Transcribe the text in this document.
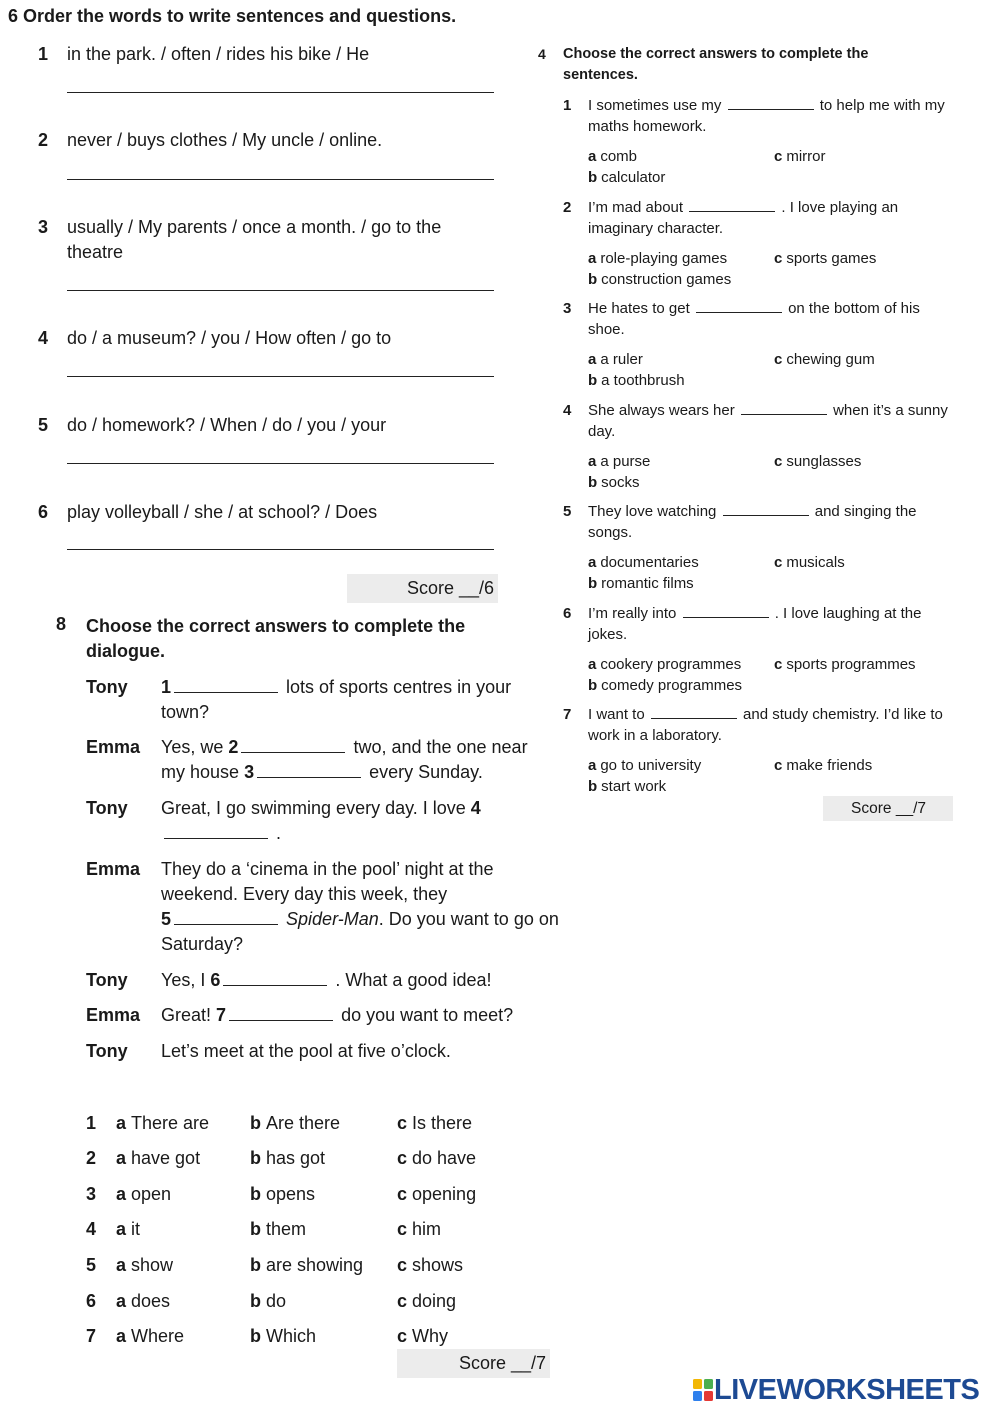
6 Order the words to write sentences and questions.
1 in the park. / often / rides his bike / He
2 never / buys clothes / My uncle / online.
3 usually / My parents / once a month. / go to the theatre
4 do / a museum? / you / How often / go to
5 do / homework? / When / do / you / your
6 play volleyball / she / at school? / Does
Score __/6
8 Choose the correct answers to complete the dialogue.
Tony 1	lots of sports centres in your town?
Emma Yes, we 2	two, and the one near my house 3	every Sunday.
Tony Great, I go swimming every day. I love 4 .
Emma They do a ‘cinema in the pool’ night at the weekend. Every day this week, they
5	Spider-Man. Do you want to go on Saturday?
Tony Yes, I 6	. What a good idea!
Emma Great! 7	do you want to meet?
Tony Let’s meet at the pool at five o’clock.
1 a There are b Are there	c Is there
2 a have got	b has got	c do have
3 a open	b opens	c opening
4 a it	b them	c him
5 a show	b are showing c shows
6 a does	b do	c doing
7 a Where	b Which	c Why
Score __/7
4 Choose the correct answers to complete the sentences.
1 I sometimes use my	to help me with my maths homework.
a comb	c mirror
b calculator
2 I’m mad about	. I love playing an imaginary character.
a role-playing games	c sports games
b construction games
3 He hates to get	on the bottom of his shoe.
a a ruler	c chewing gum
b a toothbrush
4 She always wears her	when it’s a sunny day.
a a purse	c sunglasses
b socks
5 They love watching	and singing the songs.
a documentaries	c musicals
b romantic films
6 I’m really into	. I love laughing at the jokes.
a cookery programmes c sports programmes
b comedy programmes
7 I want to	and study chemistry. I’d like to work in a laboratory.
a go to university	c make friends
b start work
Score __/7
LIVEWORKSHEETS
